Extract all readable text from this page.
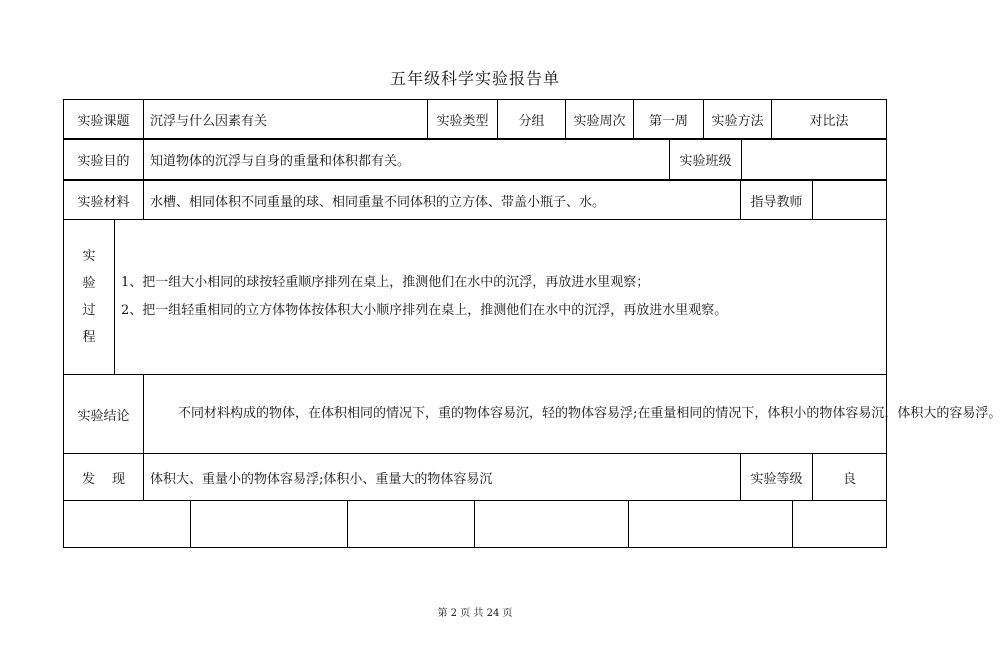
五年级科学实验报告单
实验课题	沉浮与什么因素有关	实验类型	分组	实验周次	第一周	实验方法	对比法
实验目的	知道物体的沉浮与自身的重量和体积都有关。	实验班级	
实验材料	水槽、相同体积不同重量的球、相同重量不同体积的立方体、带盖小瓶子、水。	指导教师	
实
验
过
程

1、把一组大小相同的球按轻重顺序排列在桌上，推测他们在水中的沉浮，再放进水里观察；
2、把一组轻重相同的立方体物体按体积大小顺序排列在桌上，推测他们在水中的沉浮，再放进水里观察。
实验结论	不同材料构成的物体，在体积相同的情况下，重的物体容易沉，轻的物体容易浮;在重量相同的情况下，体积小的物体容易沉，体积大的容易浮。
发 现	体积大、重量小的物体容易浮;体积小、重量大的物体容易沉	实验等级	良

第 2 页 共 24 页
